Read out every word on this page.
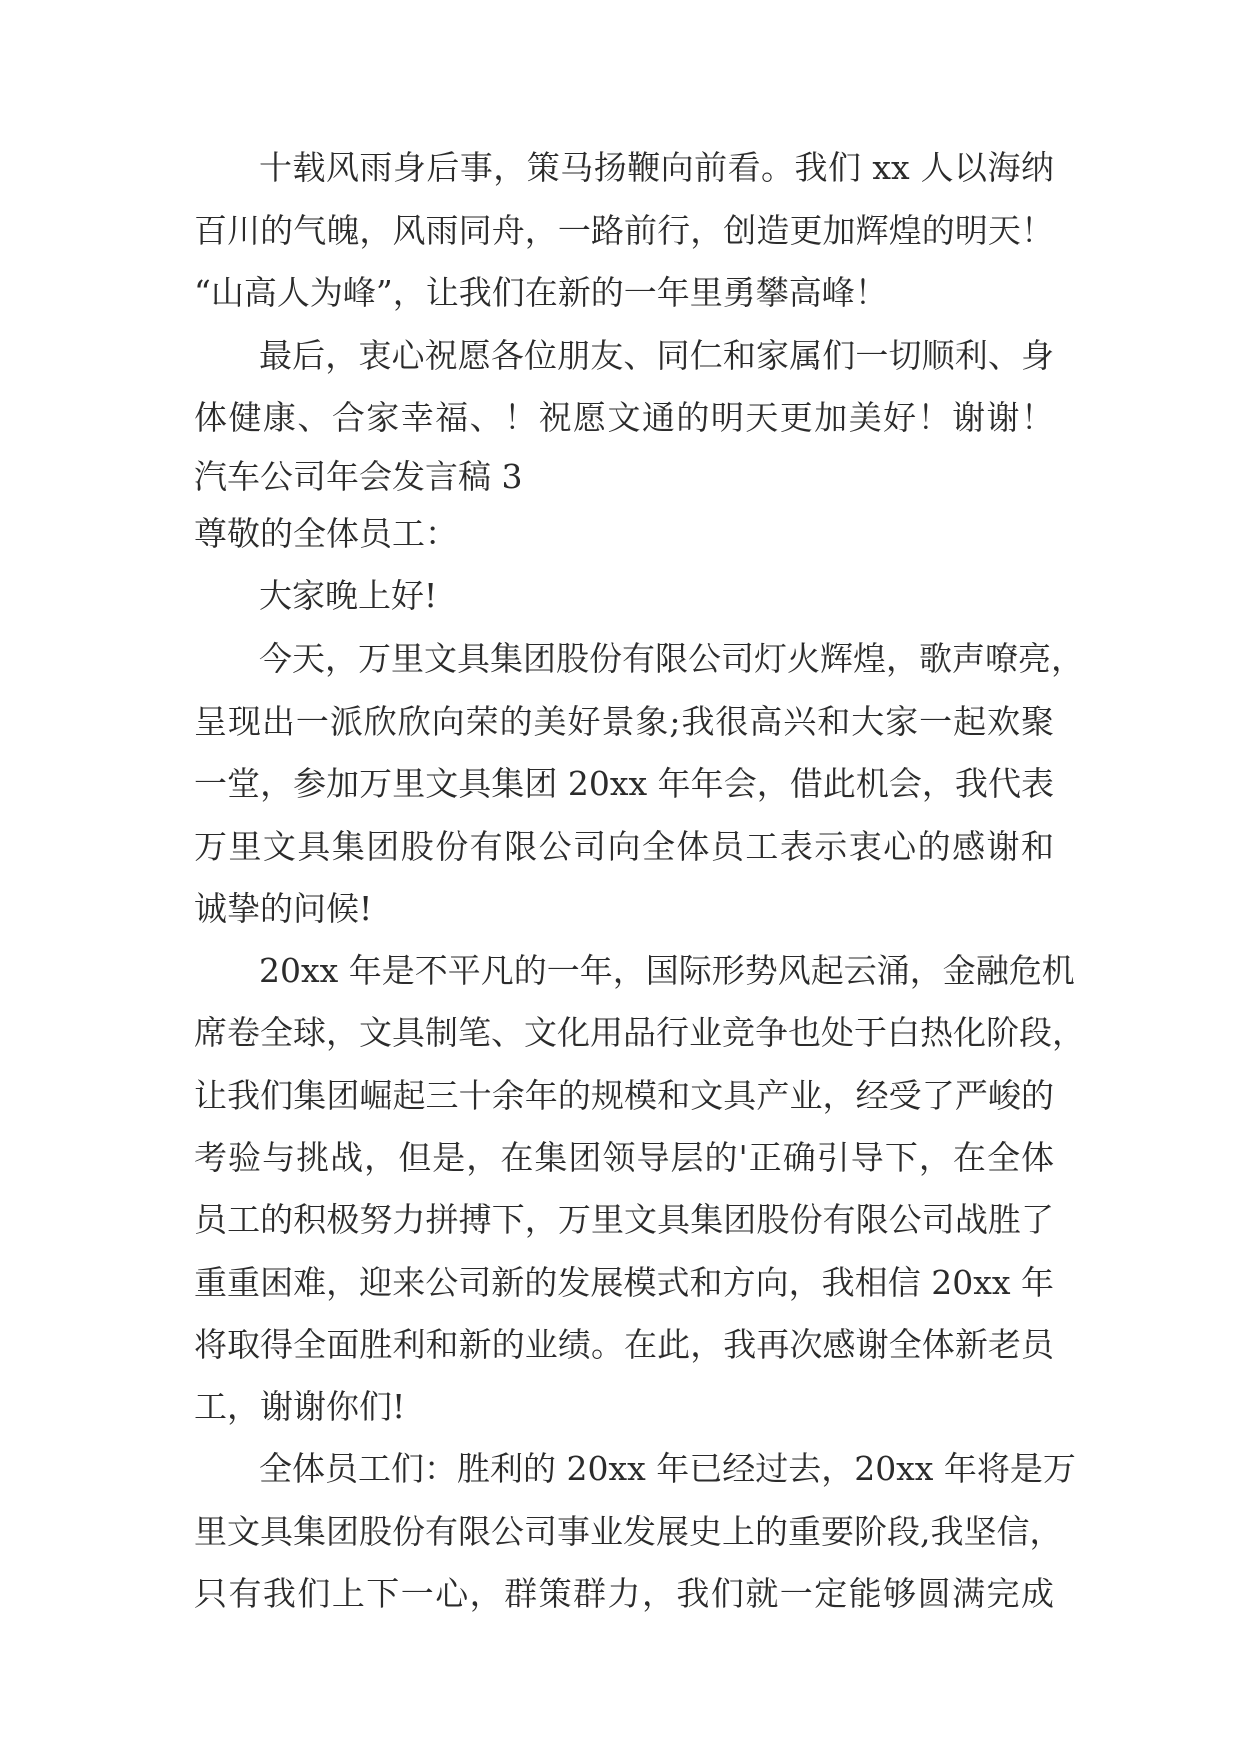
十载风雨身后事，策马扬鞭向前看。我们 xx 人以海纳
百川的气魄，风雨同舟，一路前行，创造更加辉煌的明天！
“山高人为峰”，让我们在新的一年里勇攀高峰！
最后，衷心祝愿各位朋友、同仁和家属们一切顺利、身
体健康、合家幸福、！祝愿文通的明天更加美好！谢谢！
汽车公司年会发言稿 3
尊敬的全体员工：
大家晚上好!
今天，万里文具集团股份有限公司灯火辉煌，歌声嘹亮，
呈现出一派欣欣向荣的美好景象;我很高兴和大家一起欢聚
一堂，参加万里文具集团 20xx 年年会，借此机会，我代表
万里文具集团股份有限公司向全体员工表示衷心的感谢和
诚挚的问候!
20xx 年是不平凡的一年，国际形势风起云涌，金融危机
席卷全球，文具制笔、文化用品行业竞争也处于白热化阶段，
让我们集团崛起三十余年的规模和文具产业，经受了严峻的
考验与挑战，但是，在集团领导层的'正确引导下，在全体
员工的积极努力拼搏下，万里文具集团股份有限公司战胜了
重重困难，迎来公司新的发展模式和方向，我相信 20xx 年
将取得全面胜利和新的业绩。在此，我再次感谢全体新老员
工，谢谢你们!
全体员工们：胜利的 20xx 年已经过去，20xx 年将是万
里文具集团股份有限公司事业发展史上的重要阶段,我坚信，
只有我们上下一心，群策群力，我们就一定能够圆满完成
